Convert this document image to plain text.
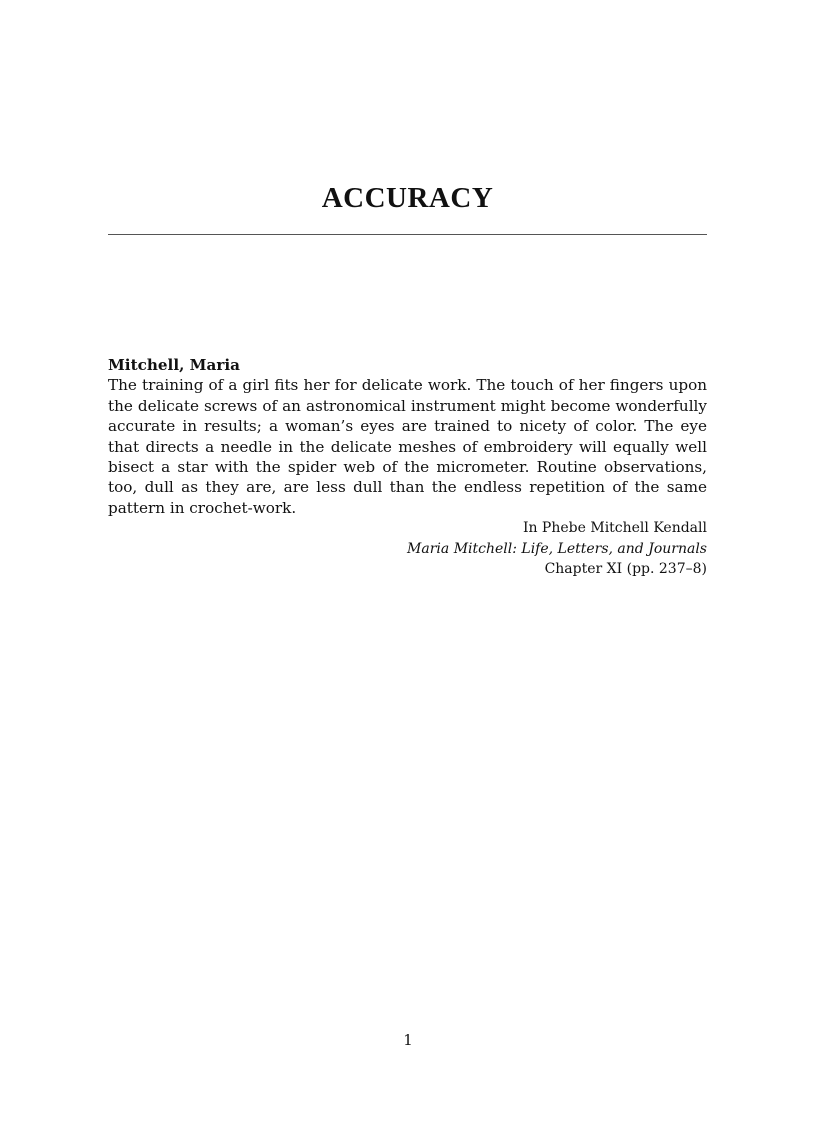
ACCURACY
Mitchell, Maria

The training of a girl fits her for delicate work. The touch of her fingers upon the delicate screws of an astronomical instrument might become wonderfully accurate in results; a woman’s eyes are trained to nicety of color. The eye that directs a needle in the delicate meshes of embroidery will equally well bisect a star with the spider web of the micrometer. Routine observations, too, dull as they are, are less dull than the endless repetition of the same pattern in crochet-work.

In Phebe Mitchell Kendall
Maria Mitchell: Life, Letters, and Journals
Chapter XI (pp. 237–8)
1
